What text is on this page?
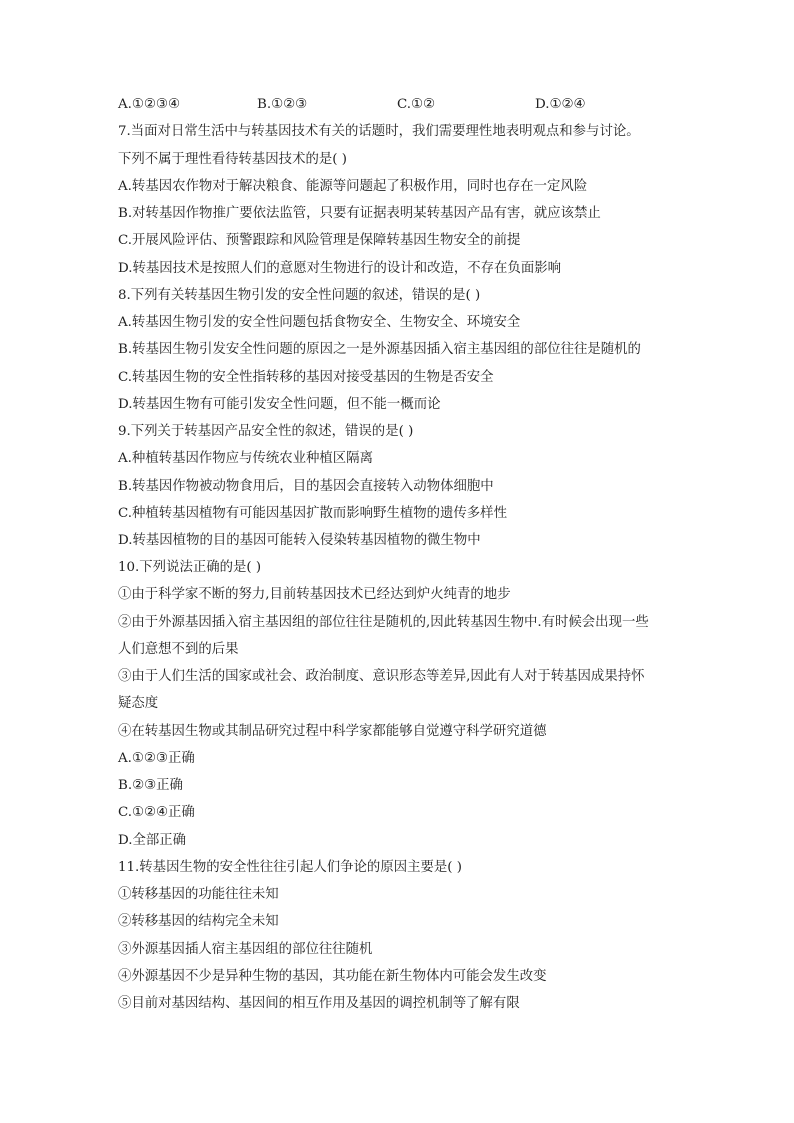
A.①②③④	B.①②③	C.①②	D.①②④
7.当面对日常生活中与转基因技术有关的话题时，我们需要理性地表明观点和参与讨论。
下列不属于理性看待转基因技术的是( )
A.转基因农作物对于解决粮食、能源等问题起了积极作用，同时也存在一定风险
B.对转基因作物推广要依法监管，只要有证据表明某转基因产品有害，就应该禁止
C.开展风险评估、预警跟踪和风险管理是保障转基因生物安全的前提
D.转基因技术是按照人们的意愿对生物进行的设计和改造，不存在负面影响
8.下列有关转基因生物引发的安全性问题的叙述，错误的是( )
A.转基因生物引发的安全性问题包括食物安全、生物安全、环境安全
B.转基因生物引发安全性问题的原因之一是外源基因插入宿主基因组的部位往往是随机的
C.转基因生物的安全性指转移的基因对接受基因的生物是否安全
D.转基因生物有可能引发安全性问题，但不能一概而论
9.下列关于转基因产品安全性的叙述，错误的是( )
A.种植转基因作物应与传统农业种植区隔离
B.转基因作物被动物食用后，目的基因会直接转入动物体细胞中
C.种植转基因植物有可能因基因扩散而影响野生植物的遗传多样性
D.转基因植物的目的基因可能转入侵染转基因植物的微生物中
10.下列说法正确的是( )
①由于科学家不断的努力,目前转基因技术已经达到炉火纯青的地步
②由于外源基因插入宿主基因组的部位往往是随机的,因此转基因生物中.有时候会出现一些
人们意想不到的后果
③由于人们生活的国家或社会、政治制度、意识形态等差异,因此有人对于转基因成果持怀
疑态度
④在转基因生物或其制品研究过程中科学家都能够自觉遵守科学研究道德
A.①②③正确
B.②③正确
C.①②④正确
D.全部正确
11.转基因生物的安全性往往引起人们争论的原因主要是( )
①转移基因的功能往往未知
②转移基因的结构完全未知
③外源基因插人宿主基因组的部位往往随机
④外源基因不少是异种生物的基因，其功能在新生物体内可能会发生改变
⑤目前对基因结构、基因间的相互作用及基因的调控机制等了解有限
